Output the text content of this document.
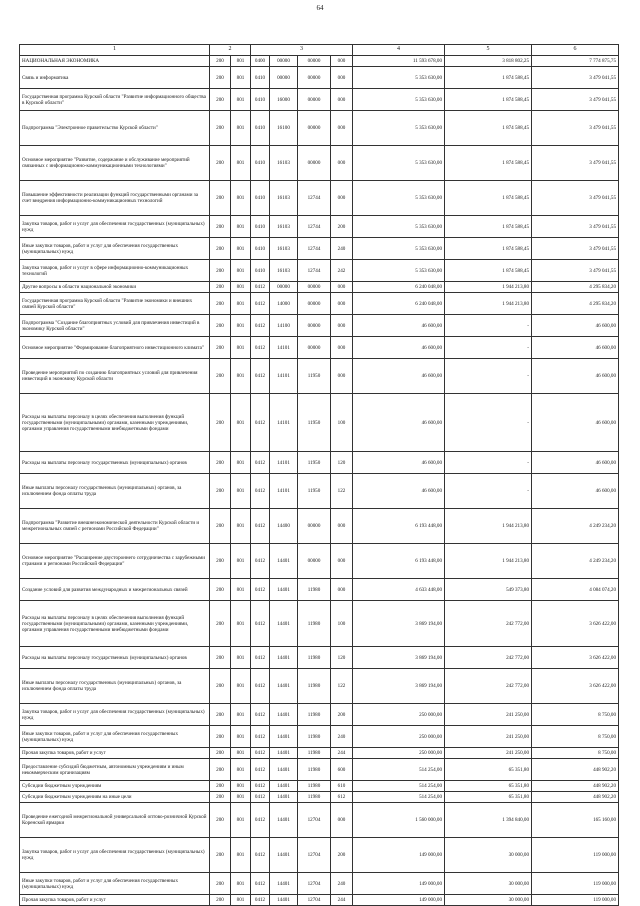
64
1	2		3				4	5	6
НАЦИОНАЛЬНАЯ ЭКОНОМИКА	200	801	0400	00000	00000	000	11 593 678,00	3 818 802,25	7 774 875,75
Связь и информатика	200	801	0410	00000	00000	000	5 353 630,00	1 874 588,45	3 479 041,55
Государственная программа Курской области "Развитие информационного общества в Курской области"	200	801	0410	16000	00000	000	5 353 630,00	1 874 588,45	3 479 041,55
Подпрограмма "Электронное правительство Курской области"	200	801	0410	16100	00000	000	5 353 630,00	1 874 588,45	3 479 041,55
Основное мероприятие "Развитие, содержание и обслуживание мероприятий связанных с информационно-коммуникационными технологиями"	200	801	0410	16103	00000	000	5 353 630,00	1 874 588,45	3 479 041,55
Повышение эффективности реализации функций государственными органами за счет внедрения информационно-коммуникационных технологий	200	801	0410	16103	12744	000	5 353 630,00	1 874 588,45	3 479 041,55
Закупка товаров, работ и услуг для обеспечения государственных (муниципальных) нужд	200	801	0410	16103	12744	200	5 353 630,00	1 874 588,45	3 479 041,55
Иные закупки товаров, работ и услуг для обеспечения государственных (муниципальных) нужд	200	801	0410	16103	12744	240	5 353 630,00	1 874 588,45	3 479 041,55
Закупка товаров, работ и услуг в сфере информационно-коммуникационных технологий	200	801	0410	16103	12744	242	5 353 630,00	1 874 588,45	3 479 041,55
Другие вопросы в области национальной экономики	200	801	0412	00000	00000	000	6 240 048,00	1 944 213,80	4 295 834,20
Государственная программа Курской области "Развитие экономики и внешних связей Курской области"	200	801	0412	14000	00000	000	6 240 048,00	1 944 213,80	4 295 834,20
Подпрограмма "Создание благоприятных условий для привлечения инвестиций в экономику Курской области"	200	801	0412	14100	00000	000	46 600,00	-	46 600,00
Основное мероприятие "Формирование благоприятного инвестиционного климата"	200	801	0412	14101	00000	000	46 600,00	-	46 600,00
Проведение мероприятий по созданию благоприятных условий для привлечения инвестиций в экономику Курской области	200	801	0412	14101	11950	000	46 600,00	-	46 600,00
Расходы на выплаты персоналу в целях обеспечения выполнения функций государственными (муниципальными) органами, казенными учреждениями, органами управления государственными внебюджетными фондами	200	801	0412	14101	11950	100	46 600,00	-	46 600,00
Расходы на выплаты персоналу государственных (муниципальных) органов	200	801	0412	14101	11950	120	46 600,00	-	46 600,00
Иные выплаты персоналу государственных (муниципальных) органов, за исключением фонда оплаты труда	200	801	0412	14101	11950	122	46 600,00	-	46 600,00
Подпрограмма "Развитие внешнеэкономической деятельности Курской области и межрегиональных связей с регионами Российской Федерации"	200	801	0412	14400	00000	000	6 193 448,00	1 944 213,80	4 249 234,20
Основное мероприятие "Расширение двустороннего сотрудничества с зарубежными странами и регионами Российской Федерации"	200	801	0412	14401	00000	000	6 193 448,00	1 944 213,80	4 249 234,20
Создание условий для развития международных и межрегиональных связей	200	801	0412	14401	11980	000	4 633 448,00	549 373,80	4 084 074,20
Расходы на выплаты персоналу в целях обеспечения выполнения функций государственными (муниципальными) органами, казенными учреждениями, органами управления государственными внебюджетными фондами	200	801	0412	14401	11980	100	3 869 194,00	242 772,00	3 626 422,00
Расходы на выплаты персоналу государственных (муниципальных) органов	200	801	0412	14401	11980	120	3 869 194,00	242 772,00	3 626 422,00
Иные выплаты персоналу государственных (муниципальных) органов, за исключением фонда оплаты труда	200	801	0412	14401	11980	122	3 869 194,00	242 772,00	3 626 422,00
Закупка товаров, работ и услуг для обеспечения государственных (муниципальных) нужд	200	801	0412	14401	11980	200	250 000,00	241 250,00	8 750,00
Иные закупки товаров, работ и услуг для обеспечения государственных (муниципальных) нужд	200	801	0412	14401	11980	240	250 000,00	241 250,00	8 750,00
Прочая закупка товаров, работ и услуг	200	801	0412	14401	11980	244	250 000,00	241 250,00	8 750,00
Предоставление субсидий бюджетным, автономным учреждениям и иным некоммерческим организациям	200	801	0412	14401	11980	600	514 254,00	65 351,80	448 902,20
Субсидии бюджетным учреждениям	200	801	0412	14401	11980	610	514 254,00	65 351,80	448 902,20
Субсидии бюджетным учреждениям на иные цели	200	801	0412	14401	11980	612	514 254,00	65 351,80	448 902,20
Проведение ежегодной межрегиональной универсальной оптово-розничной Курской Коренской ярмарки	200	801	0412	14401	12704	000	1 560 000,00	1 394 840,00	165 160,00
Закупка товаров, работ и услуг для обеспечения государственных (муниципальных) нужд	200	801	0412	14401	12704	200	149 000,00	30 000,00	119 000,00
Иные закупки товаров, работ и услуг для обеспечения государственных (муниципальных) нужд	200	801	0412	14401	12704	240	149 000,00	30 000,00	119 000,00
Прочая закупка товаров, работ и услуг	200	801	0412	14401	12704	244	149 000,00	30 000,00	119 000,00
